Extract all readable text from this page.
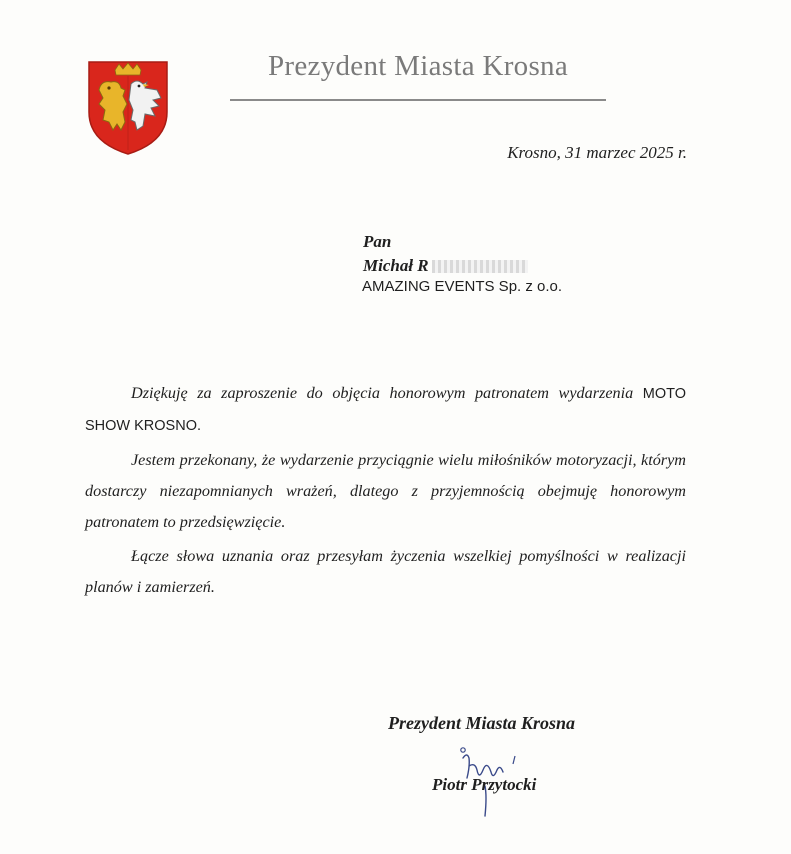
Prezydent Miasta Krosna
Krosno, 31 marzec 2025 r.
Pan
Michał R
AMAZING EVENTS Sp. z o.o.

Dziękuję za zaproszenie do objęcia honorowym patronatem wydarzenia MOTO SHOW KROSNO.

Jestem przekonany, że wydarzenie przyciągnie wielu miłośników motoryzacji, którym dostarczy niezapomnianych wrażeń, dlatego z przyjemnością obejmuję honorowym patronatem to przedsięwzięcie.

Łącze słowa uznania oraz przesyłam życzenia wszelkiej pomyślności w realizacji planów i zamierzeń.

Prezydent Miasta Krosna
Piotr Przytocki
